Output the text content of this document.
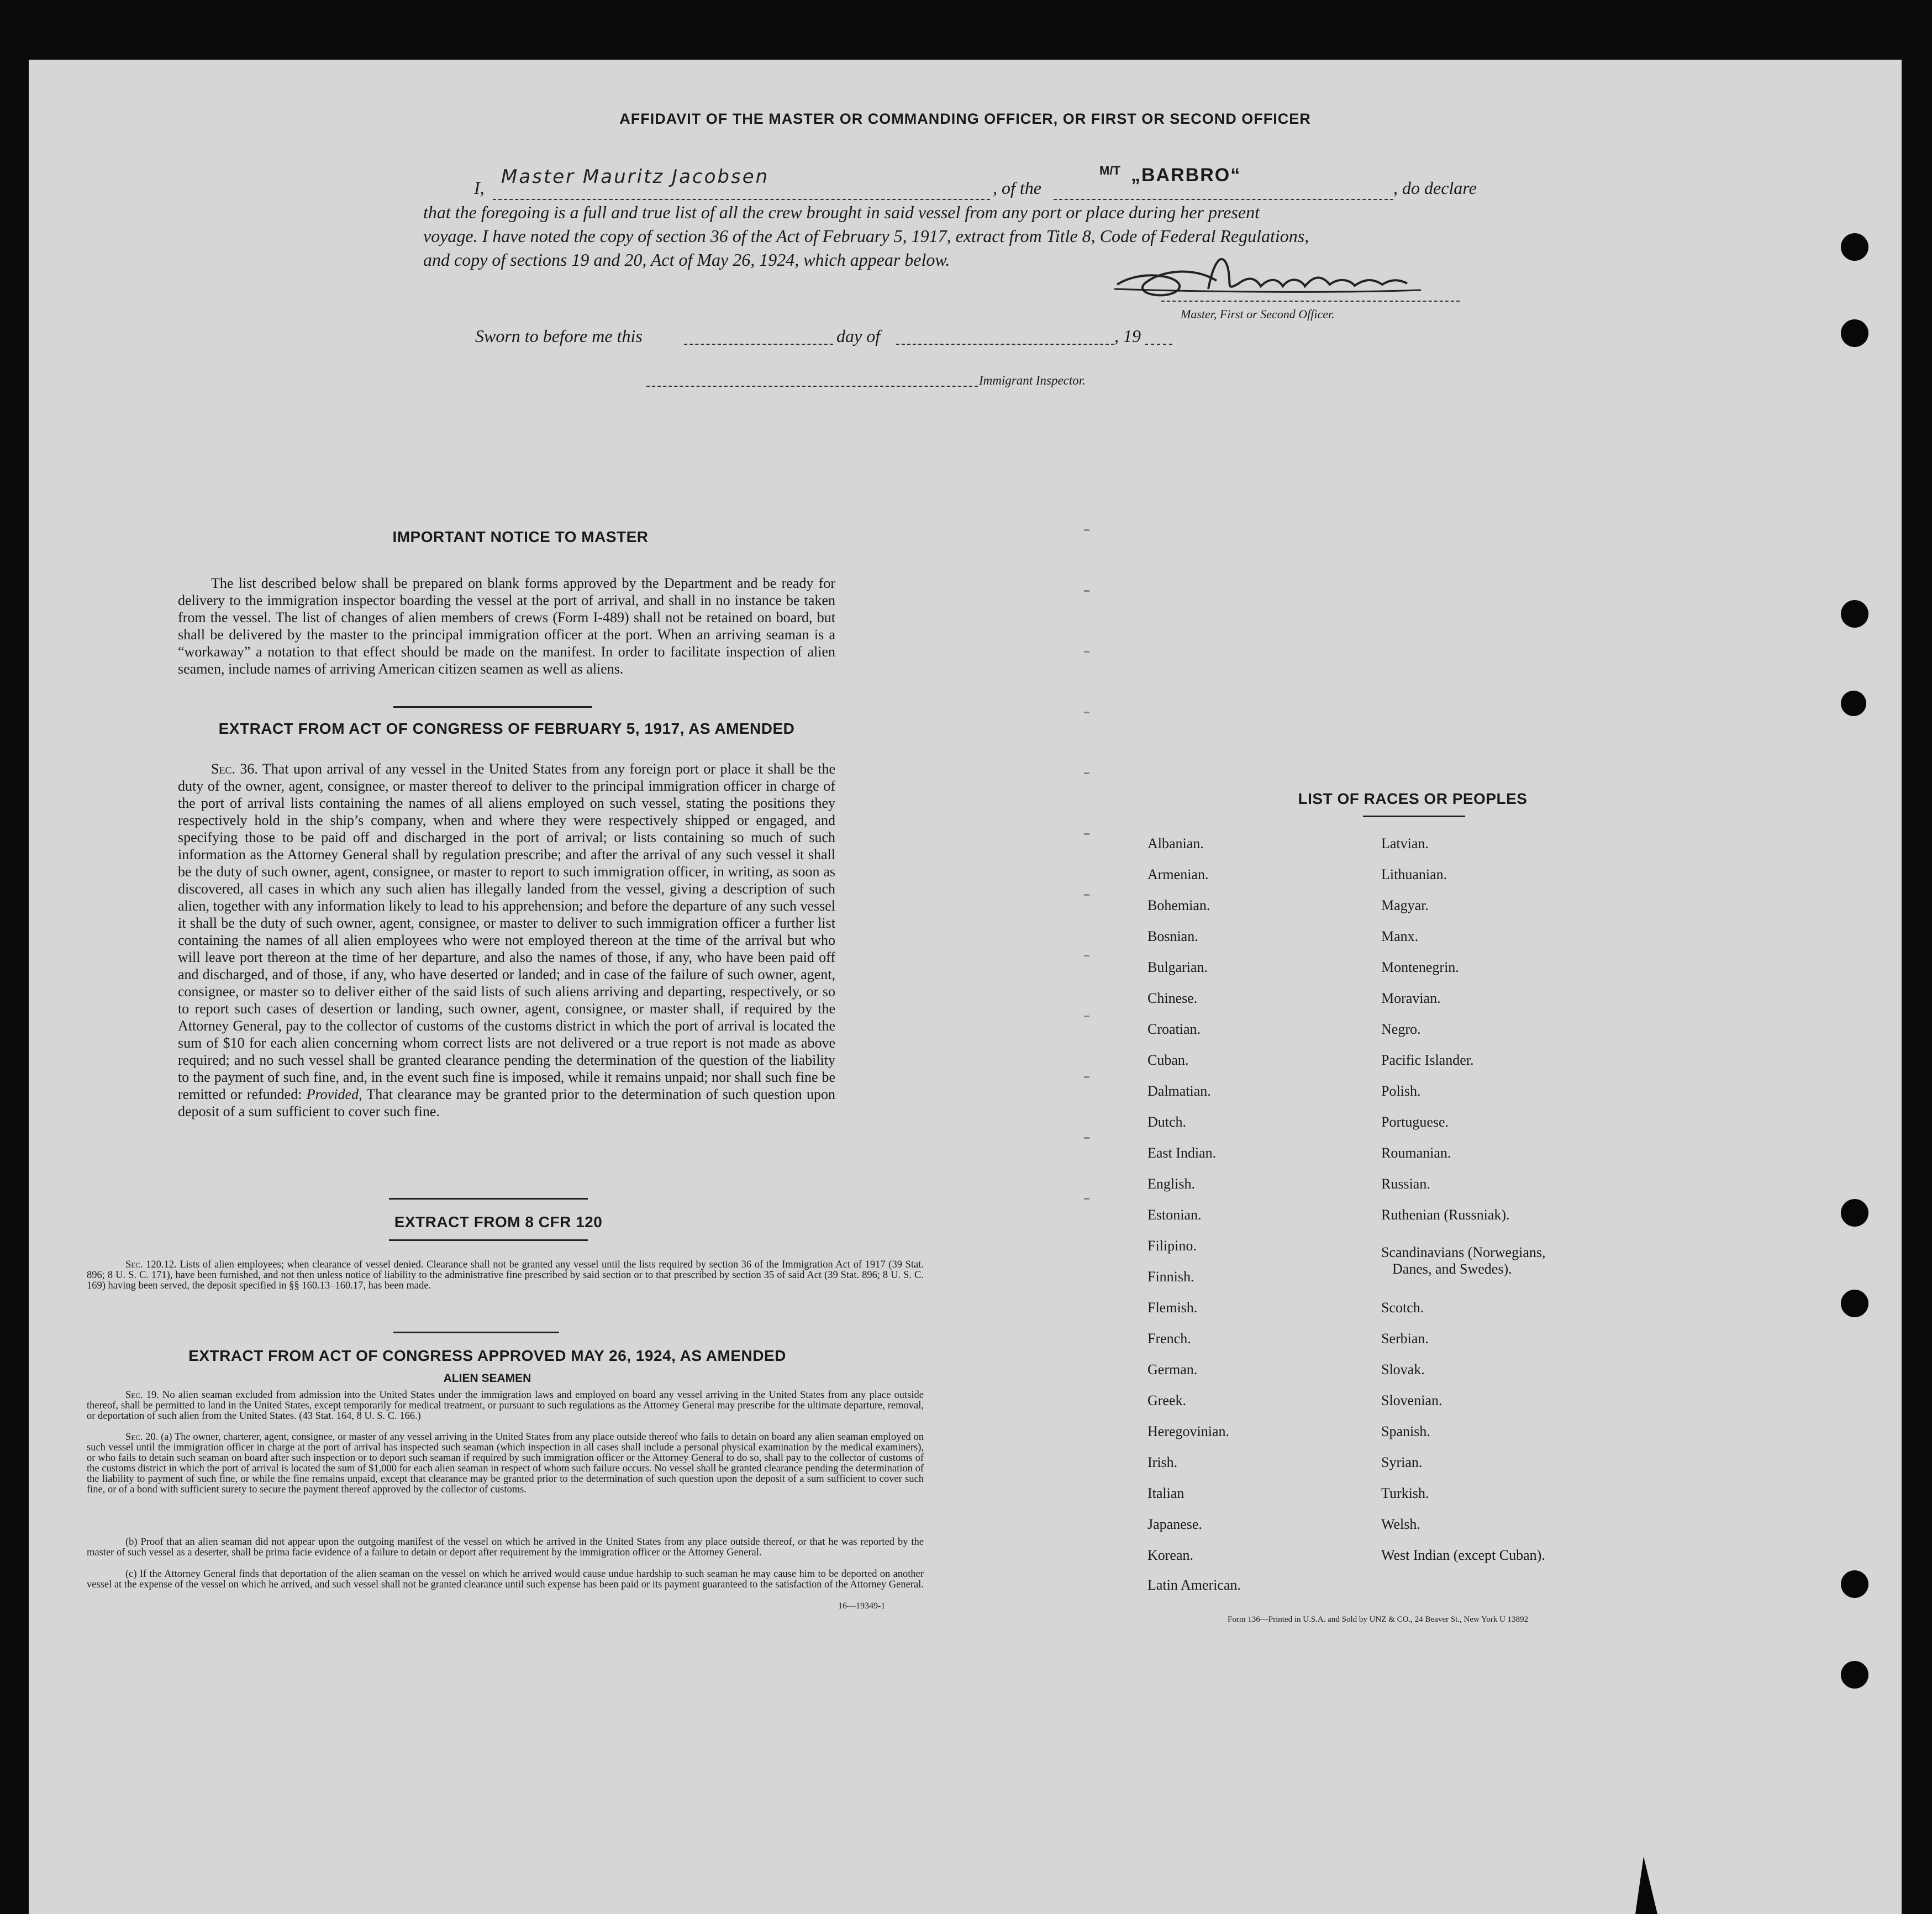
AFFIDAVIT OF THE MASTER OR COMMANDING OFFICER, OR FIRST OR SECOND OFFICER
I, Master Mauritz Jacobsen	, of the
M/T „BARBRO“
, do declare
that the foregoing is a full and true list of all the crew brought in said vessel from any port or place during her present
voyage. I have noted the copy of section 36 of the Act of February 5, 1917, extract from Title 8, Code of Federal Regulations,
and copy of sections 19 and 20, Act of May 26, 1924, which appear below.
Master, First or Second Officer.
Sworn to before me this	day of	, 19
Immigrant Inspector.
IMPORTANT NOTICE TO MASTER
The list described below shall be prepared on blank forms approved by the Department and be ready for delivery to the immigration inspector boarding the vessel at the port of arrival, and shall in no instance be taken from the vessel. The list of changes of alien members of crews (Form I-489) shall not be retained on board, but shall be delivered by the master to the principal immigration officer at the port. When an arriving seaman is a “workaway” a notation to that effect should be made on the manifest. In order to facilitate inspection of alien seamen, include names of arriving American citizen seamen as well as aliens.
EXTRACT FROM ACT OF CONGRESS OF FEBRUARY 5, 1917, AS AMENDED
Sec. 36. That upon arrival of any vessel in the United States from any foreign port or place it shall be the duty of the owner, agent, consignee, or master thereof to deliver to the principal immigration officer in charge of the port of arrival lists containing the names of all aliens employed on such vessel, stating the positions they respectively hold in the ship’s company, when and where they were respectively shipped or engaged, and specifying those to be paid off and discharged in the port of arrival; or lists containing so much of such information as the Attorney General shall by regulation prescribe; and after the arrival of any such vessel it shall be the duty of such owner, agent, consignee, or master to report to such immigration officer, in writing, as soon as discovered, all cases in which any such alien has illegally landed from the vessel, giving a description of such alien, together with any information likely to lead to his apprehension; and before the departure of any such vessel it shall be the duty of such owner, agent, consignee, or master to deliver to such immigration officer a further list containing the names of all alien employees who were not employed thereon at the time of the arrival but who will leave port thereon at the time of her departure, and also the names of those, if any, who have been paid off and discharged, and of those, if any, who have deserted or landed; and in case of the failure of such owner, agent, consignee, or master so to deliver either of the said lists of such aliens arriving and departing, respectively, or so to report such cases of desertion or landing, such owner, agent, consignee, or master shall, if required by the Attorney General, pay to the collector of customs of the customs district in which the port of arrival is located the sum of $10 for each alien concerning whom correct lists are not delivered or a true report is not made as above required; and no such vessel shall be granted clearance pending the determination of the question of the liability to the payment of such fine, and, in the event such fine is imposed, while it remains unpaid; nor shall such fine be remitted or refunded: Provided, That clearance may be granted prior to the determination of such question upon deposit of a sum sufficient to cover such fine.
EXTRACT FROM 8 CFR 120
Sec. 120.12. Lists of alien employees; when clearance of vessel denied. Clearance shall not be granted any vessel until the lists required by section 36 of the Immigration Act of 1917 (39 Stat. 896; 8 U. S. C. 171), have been furnished, and not then unless notice of liability to the administrative fine prescribed by said section or to that prescribed by section 35 of said Act (39 Stat. 896; 8 U. S. C. 169) having been served, the deposit specified in §§ 160.13–160.17, has been made.
EXTRACT FROM ACT OF CONGRESS APPROVED MAY 26, 1924, AS AMENDED
ALIEN SEAMEN
Sec. 19. No alien seaman excluded from admission into the United States under the immigration laws and employed on board any vessel arriving in the United States from any place outside thereof, shall be permitted to land in the United States, except temporarily for medical treatment, or pursuant to such regulations as the Attorney General may prescribe for the ultimate departure, removal, or deportation of such alien from the United States. (43 Stat. 164, 8 U. S. C. 166.)
Sec. 20. (a) The owner, charterer, agent, consignee, or master of any vessel arriving in the United States from any place outside thereof who fails to detain on board any alien seaman employed on such vessel until the immigration officer in charge at the port of arrival has inspected such seaman (which inspection in all cases shall include a personal physical examination by the medical examiners), or who fails to detain such seaman on board after such inspection or to deport such seaman if required by such immigration officer or the Attorney General to do so, shall pay to the collector of customs of the customs district in which the port of arrival is located the sum of $1,000 for each alien seaman in respect of whom such failure occurs. No vessel shall be granted clearance pending the determination of the liability to payment of such fine, or while the fine remains unpaid, except that clearance may be granted prior to the determination of such question upon the deposit of a sum sufficient to cover such fine, or of a bond with sufficient surety to secure the payment thereof approved by the collector of customs.
(b) Proof that an alien seaman did not appear upon the outgoing manifest of the vessel on which he arrived in the United States from any place outside thereof, or that he was reported by the master of such vessel as a deserter, shall be prima facie evidence of a failure to detain or deport after requirement by the immigration officer or the Attorney General.
(c) If the Attorney General finds that deportation of the alien seaman on the vessel on which he arrived would cause undue hardship to such seaman he may cause him to be deported on another vessel at the expense of the vessel on which he arrived, and such vessel shall not be granted clearance until such expense has been paid or its payment guaranteed to the satisfaction of the Attorney General.
16—19349-1
LIST OF RACES OR PEOPLES
Albanian.
Armenian.
Bohemian.
Bosnian.
Bulgarian.
Chinese.
Croatian.
Cuban.
Dalmatian.
Dutch.
East Indian.
English.
Estonian.
Filipino.
Finnish.
Flemish.
French.
German.
Greek.
Heregovinian.
Irish.
Italian
Japanese.
Korean.
Latin American.
Latvian.
Lithuanian.
Magyar.
Manx.
Montenegrin.
Moravian.
Negro.
Pacific Islander.
Polish.
Portuguese.
Roumanian.
Russian.
Ruthenian (Russniak).
Scandinavians (Norwegians,
Danes, and Swedes).
Scotch.
Serbian.
Slovak.
Slovenian.
Spanish.
Syrian.
Turkish.
Welsh.
West Indian (except Cuban).
Form 136—Printed in U.S.A. and Sold by UNZ & CO., 24 Beaver St., New York U 13892
